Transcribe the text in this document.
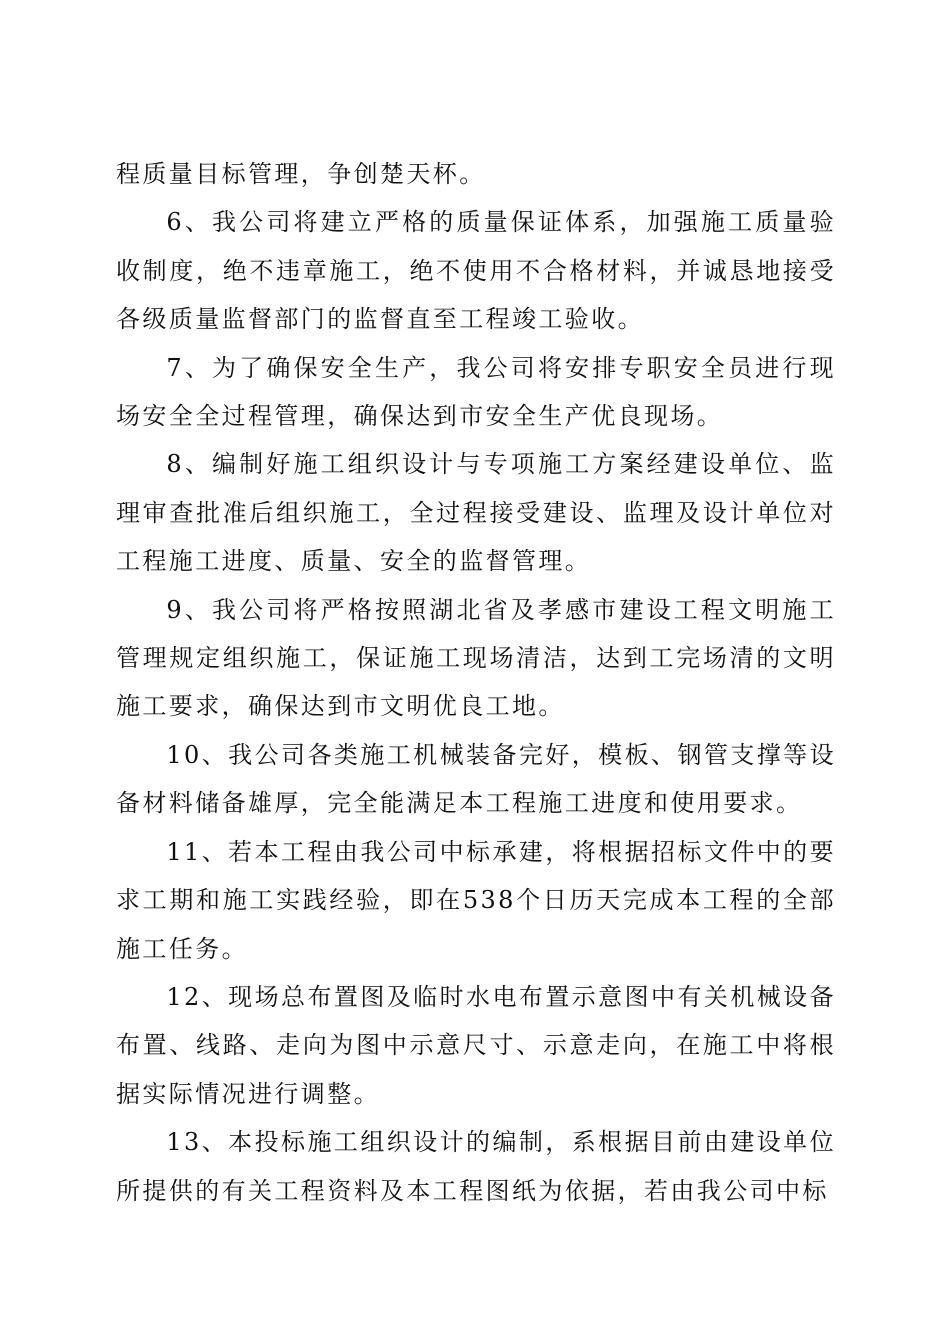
程质量目标管理，争创楚天杯。

6、我公司将建立严格的质量保证体系，加强施工质量验收制度，绝不违章施工，绝不使用不合格材料，并诚恳地接受各级质量监督部门的监督直至工程竣工验收。

7、为了确保安全生产，我公司将安排专职安全员进行现场安全全过程管理，确保达到市安全生产优良现场。

8、编制好施工组织设计与专项施工方案经建设单位、监理审查批准后组织施工，全过程接受建设、监理及设计单位对工程施工进度、质量、安全的监督管理。

9、我公司将严格按照湖北省及孝感市建设工程文明施工管理规定组织施工，保证施工现场清洁，达到工完场清的文明施工要求，确保达到市文明优良工地。

10、我公司各类施工机械装备完好，模板、钢管支撑等设备材料储备雄厚，完全能满足本工程施工进度和使用要求。

11、若本工程由我公司中标承建，将根据招标文件中的要求工期和施工实践经验，即在538个日历天完成本工程的全部施工任务。

12、现场总布置图及临时水电布置示意图中有关机械设备布置、线路、走向为图中示意尺寸、示意走向，在施工中将根据实际情况进行调整。

13、本投标施工组织设计的编制，系根据目前由建设单位所提供的有关工程资料及本工程图纸为依据，若由我公司中标
